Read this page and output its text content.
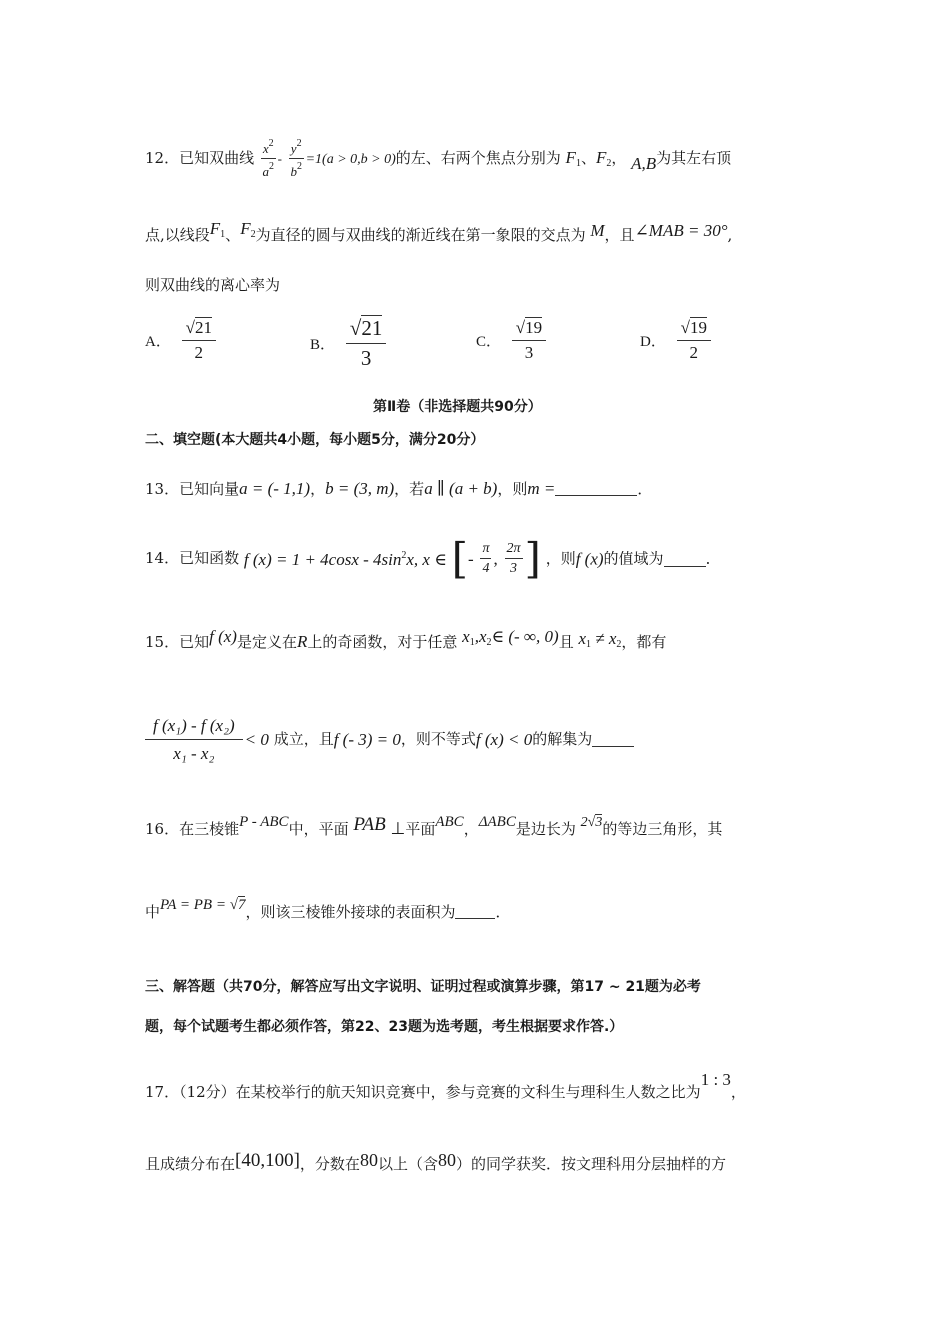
12．已知双曲线 $\frac{x^2}{a^2} - \frac{y^2}{b^2} =1(a > 0,b > 0)$的左、右两个焦点分别为 $F_1$、$F_2$， A,B为其左右顶
点,以线段$F_1$、$F_2$为直径的圆与双曲线的渐近线在第一象限的交点为 M，且∠MAB = 30°,
则双曲线的离心率为
A． $\frac{√21}{2}$	B． $\frac{√21}{3}$	C． $\frac{√19}{3}$	D． $\frac{√19}{2}$
第Ⅱ卷（非选择题共90分）
二、填空题(本大题共4小题，每小题5分，满分20分）
13．已知向量a = (- 1,1)，b = (3, m)，若a ∥ (a + b)，则m =	．
14．已知函数 f $(x) = 1 + 4\cos x - 4\sin^2x$, x ∈ [- $\frac{\pi}{4}$ , $\frac{2\pi}{3}$ ] ，则f (x)的值域为	．
15．已知f (x)是定义在R上的奇函数，对于任意 $x_1,x_2\in$ (- ∞, 0)且 $x_1 \ne x_2$，都有
$\frac{\text{f (x₁) - f (x₂)}}{\text{x₁ - x₂}} < 0$ 成立，且f (- 3) = 0，则不等式f (x) < 0的解集为
16．在三棱锥P - ABC中，平面 PAB ⊥平面ABC，ΔABC是边长为 2√3的等边三角形，其
中PA = PB = √7，则该三棱锥外接球的表面积为	．
三、解答题（共70分，解答应写出文字说明、证明过程或演算步骤，第17 ~ 21题为必考
题，每个试题考生都必须作答，第22、23题为选考题，考生根据要求作答.）
17．（12分）在某校举行的航天知识竞赛中，参与竞赛的文科生与理科生人数之比为1 : 3，
且成绩分布在[40,100]，分数在80以上（含80）的同学获奖．按文理科用分层抽样的方
